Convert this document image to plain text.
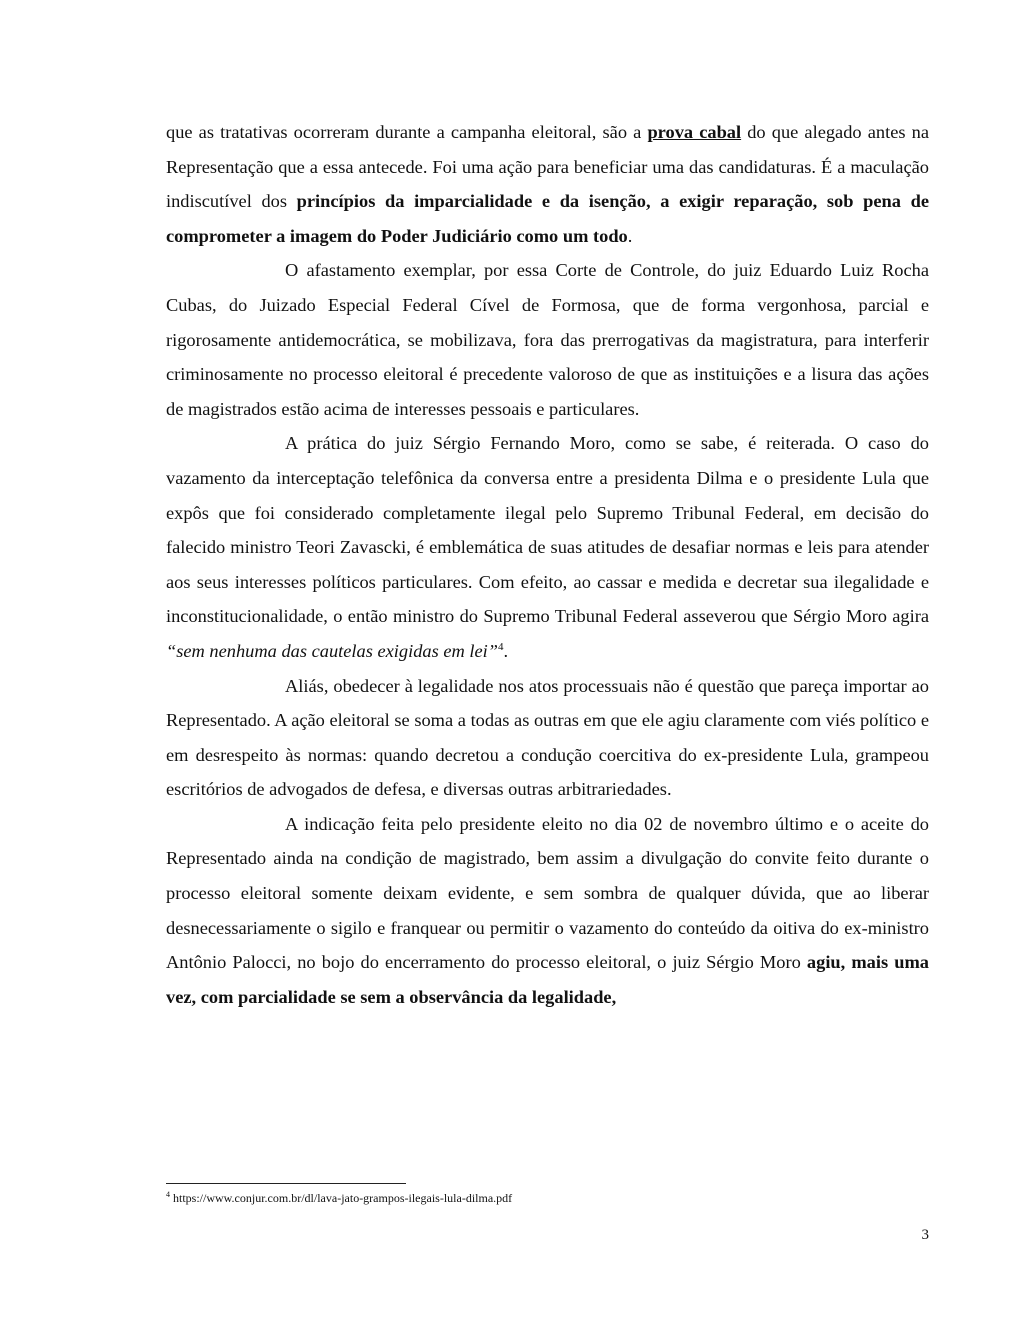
que as tratativas ocorreram durante a campanha eleitoral, são a prova cabal do que alegado antes na Representação que a essa antecede. Foi uma ação para beneficiar uma das candidaturas. É a maculação indiscutível dos princípios da imparcialidade e da isenção, a exigir reparação, sob pena de comprometer a imagem do Poder Judiciário como um todo.

O afastamento exemplar, por essa Corte de Controle, do juiz Eduardo Luiz Rocha Cubas, do Juizado Especial Federal Cível de Formosa, que de forma vergonhosa, parcial e rigorosamente antidemocrática, se mobilizava, fora das prerrogativas da magistratura, para interferir criminosamente no processo eleitoral é precedente valoroso de que as instituições e a lisura das ações de magistrados estão acima de interesses pessoais e particulares.

A prática do juiz Sérgio Fernando Moro, como se sabe, é reiterada. O caso do vazamento da interceptação telefônica da conversa entre a presidenta Dilma e o presidente Lula que expôs que foi considerado completamente ilegal pelo Supremo Tribunal Federal, em decisão do falecido ministro Teori Zavascki, é emblemática de suas atitudes de desafiar normas e leis para atender aos seus interesses políticos particulares. Com efeito, ao cassar e medida e decretar sua ilegalidade e inconstitucionalidade, o então ministro do Supremo Tribunal Federal asseverou que Sérgio Moro agira “sem nenhuma das cautelas exigidas em lei”$^4$.

Aliás, obedecer à legalidade nos atos processuais não é questão que pareça importar ao Representado. A ação eleitoral se soma a todas as outras em que ele agiu claramente com viés político e em desrespeito às normas: quando decretou a condução coercitiva do ex-presidente Lula, grampeou escritórios de advogados de defesa, e diversas outras arbitrariedades.

A indicação feita pelo presidente eleito no dia 02 de novembro último e o aceite do Representado ainda na condição de magistrado, bem assim a divulgação do convite feito durante o processo eleitoral somente deixam evidente, e sem sombra de qualquer dúvida, que ao liberar desnecessariamente o sigilo e franquear ou permitir o vazamento do conteúdo da oitiva do ex-ministro Antônio Palocci, no bojo do encerramento do processo eleitoral, o juiz Sérgio Moro agiu, mais uma vez, com parcialidade se sem a observância da legalidade,

$^4$ https://www.conjur.com.br/dl/lava-jato-grampos-ilegais-lula-dilma.pdf
3
